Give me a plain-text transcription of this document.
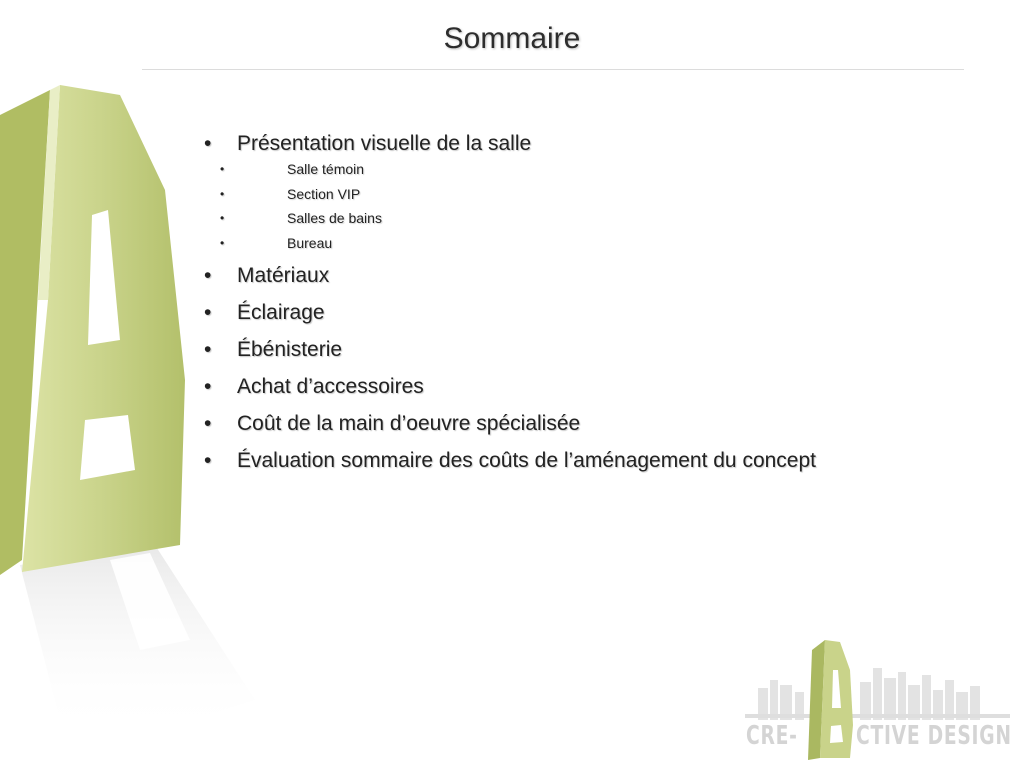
Sommaire
•	Présentation visuelle de la salle
•	Salle témoin
•	Section VIP
•	Salles de bains
•	Bureau
•	Matériaux
•	Éclairage
•	Ébénisterie
•	Achat d’accessoires
•	Coût de la main d’oeuvre spécialisée
•	Évaluation sommaire des coûts de l’aménagement du concept
CRE- CTIVE DESIGN
